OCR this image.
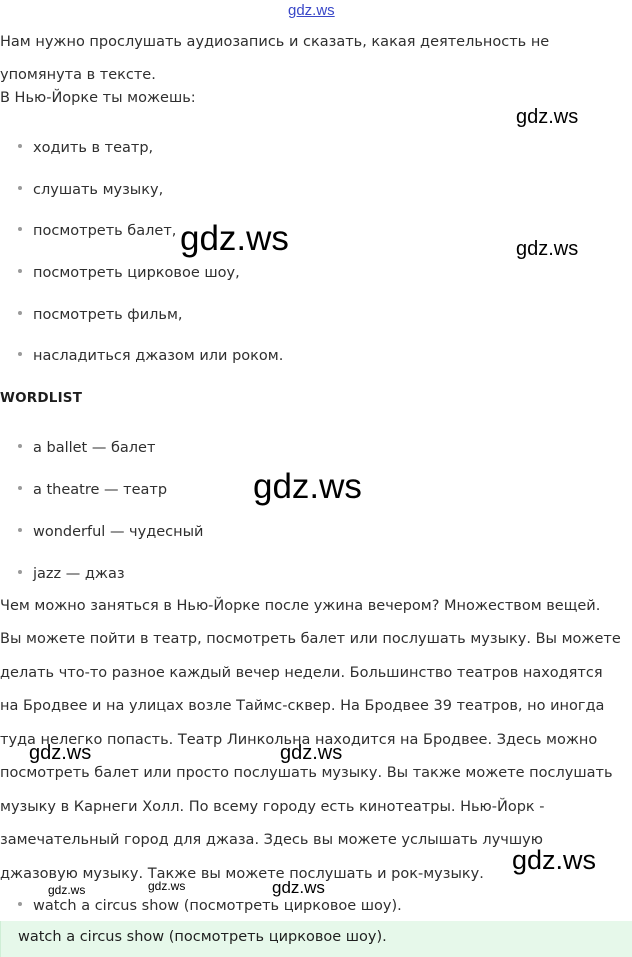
gdz.ws
Нам нужно прослушать аудиозапись и сказать, какая деятельность не
упомянута в тексте.
В Нью-Йорке ты можешь:
ходить в театр,
слушать музыку,
посмотреть балет,
посмотреть цирковое шоу,
посмотреть фильм,
насладиться джазом или роком.
WORDLIST
a ballet — балет
a theatre — театр
wonderful — чудесный
jazz — джаз
Чем можно заняться в Нью-Йорке после ужина вечером? Множеством вещей.
Вы можете пойти в театр, посмотреть балет или послушать музыку. Вы можете
делать что-то разное каждый вечер недели. Большинство театров находятся
на Бродвее и на улицах возле Таймс-сквер. На Бродвее 39 театров, но иногда
туда нелегко попасть. Театр Линкольна находится на Бродвее. Здесь можно
посмотреть балет или просто послушать музыку. Вы также можете послушать
музыку в Карнеги Холл. По всему городу есть кинотеатры. Нью-Йорк -
замечательный город для джаза. Здесь вы можете услышать лучшую
джазовую музыку. Также вы можете послушать и рок-музыку.
watch a circus show (посмотреть цирковое шоу).
watch a circus show (посмотреть цирковое шоу).
gdz.ws
gdz.ws	gdz.ws
gdz.ws
gdz.ws	gdz.ws
gdz.ws
gdz.ws	gdz.ws	gdz.ws
